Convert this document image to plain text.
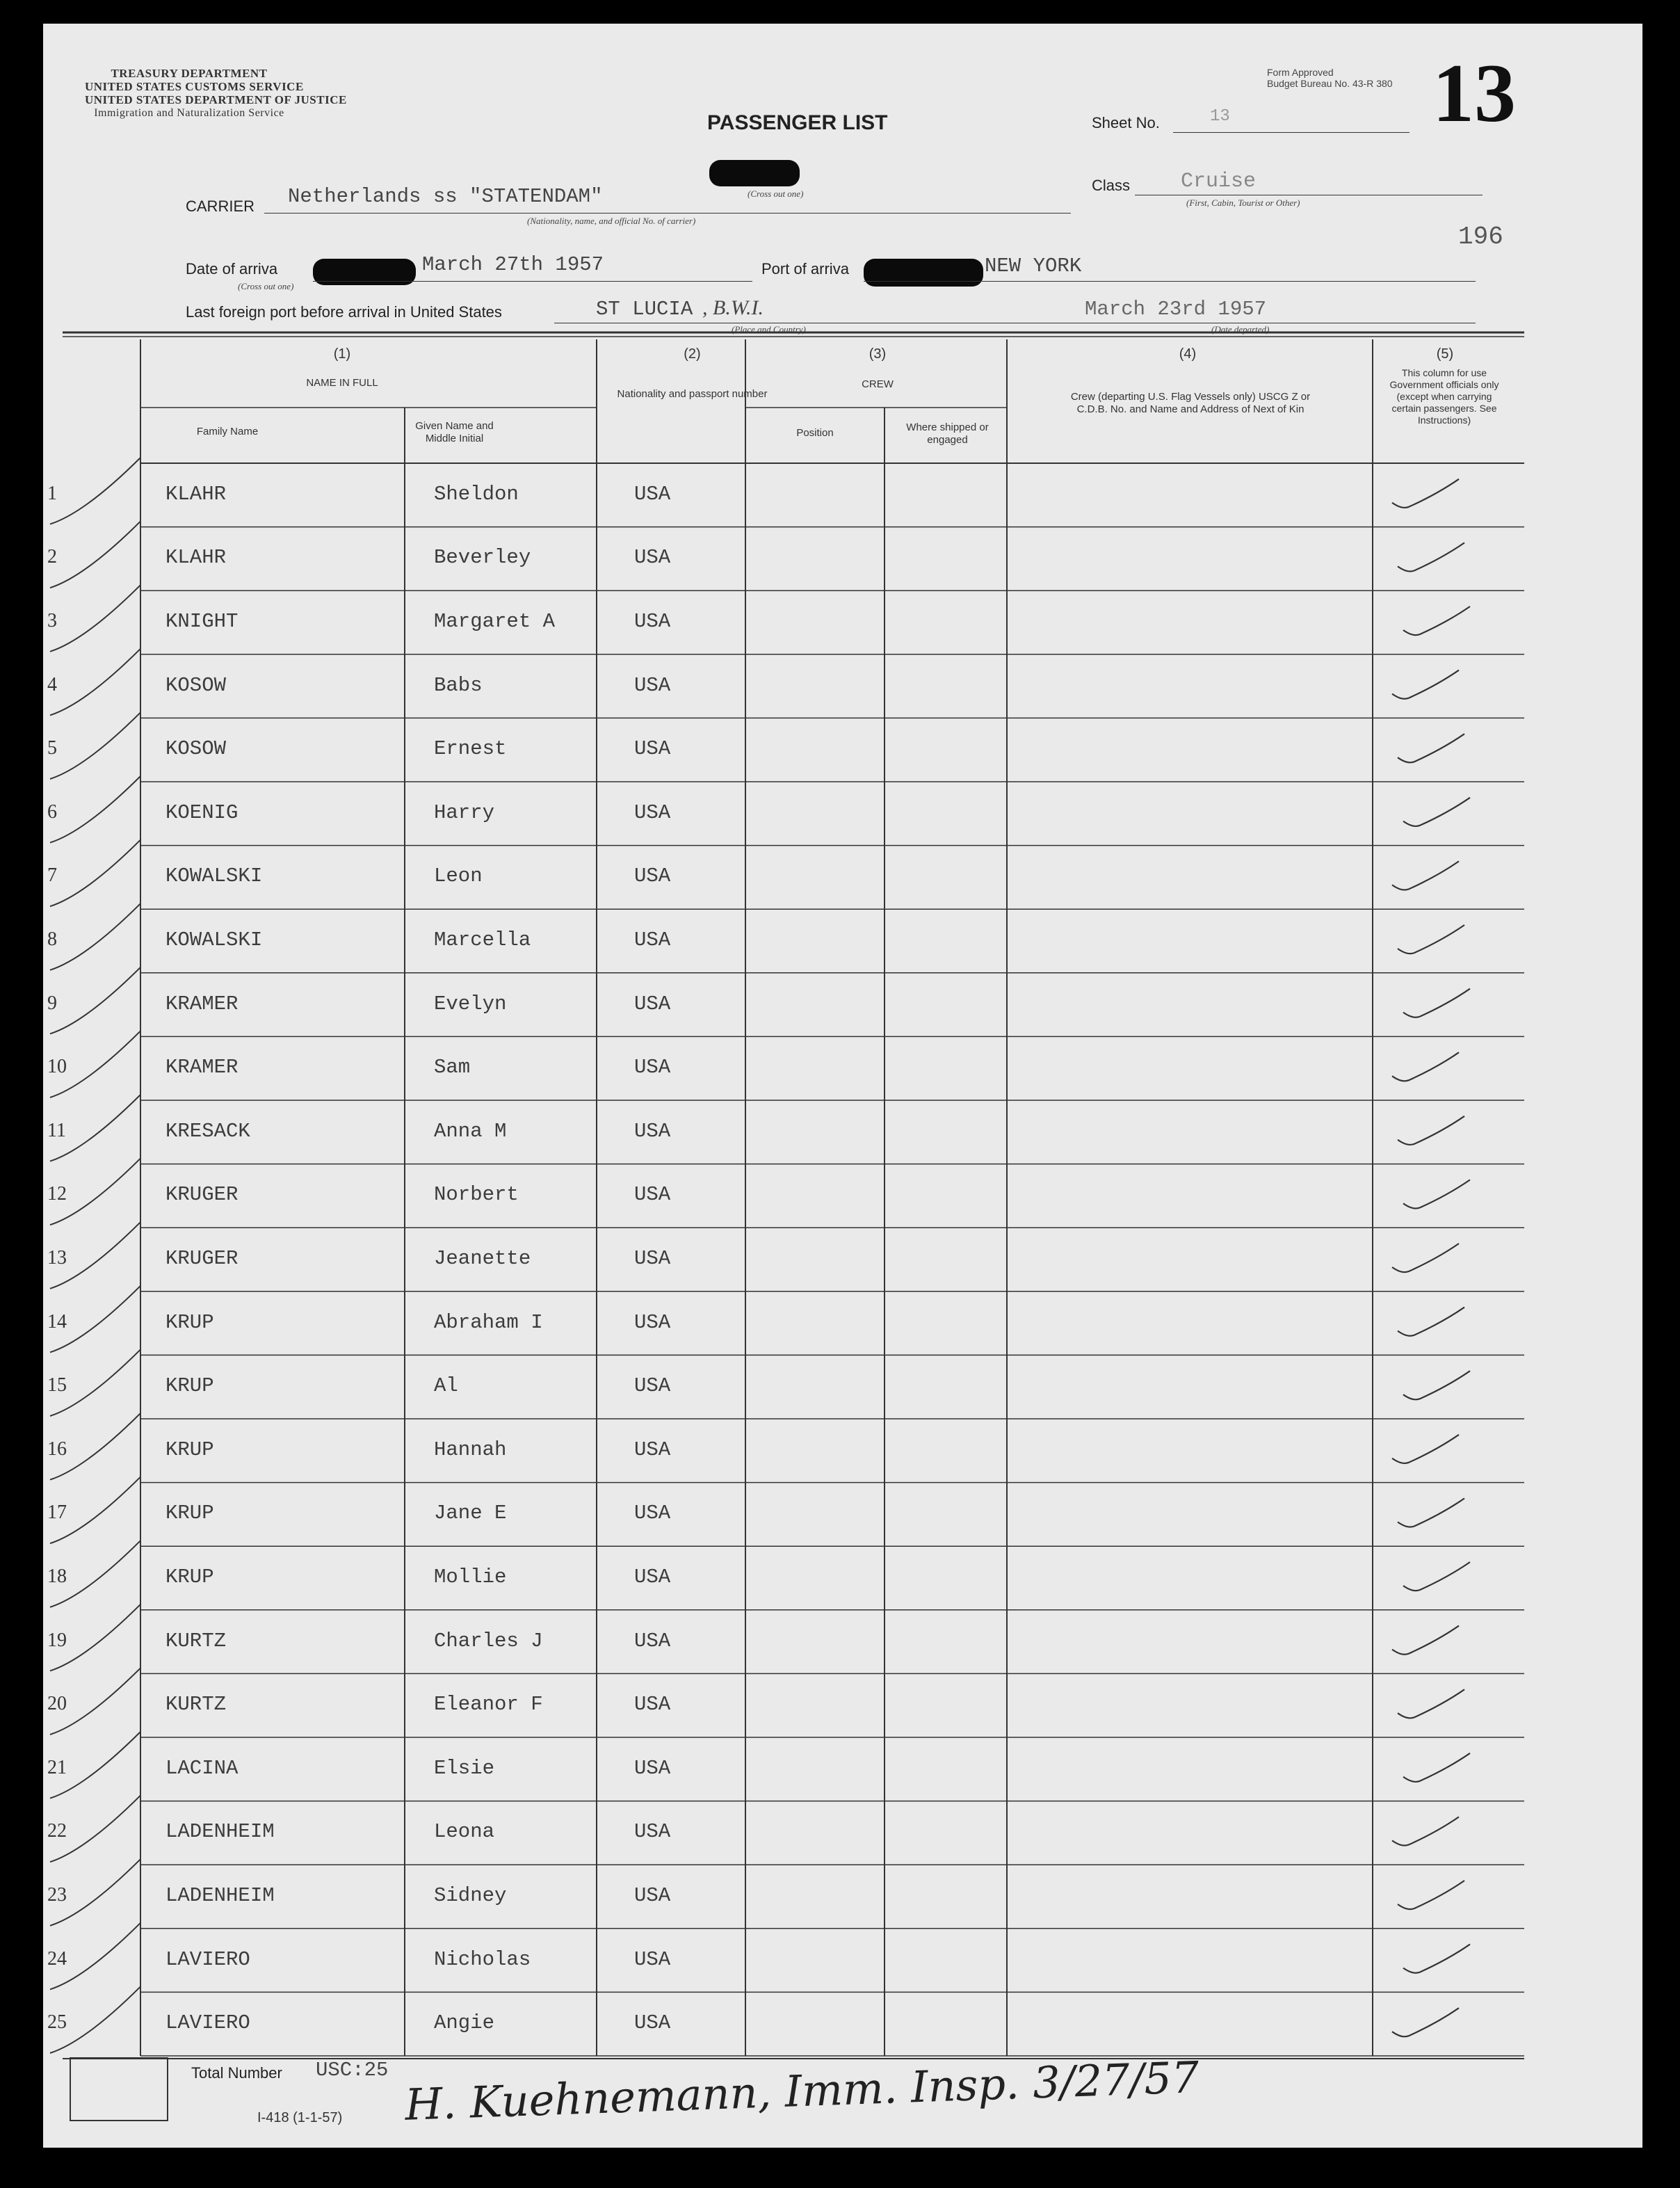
TREASURY DEPARTMENT
UNITED STATES CUSTOMS SERVICE
UNITED STATES DEPARTMENT OF JUSTICE
Immigration and Naturalization Service	PASSENGER LIST
(Cross out one)
Form Approved
Budget Bureau No. 43-R 380 13
Sheet No.	13
Class Cruise
(First, Cabin, Tourist or Other)
CARRIER Netherlands ss "STATENDAM"
(Nationality, name, and official No. of carrier)
196
Date of arriva
(Cross out one)
March 27th 1957	Port of arriva	NEW YORK
Last foreign port before arrival in United States	ST LUCIA , B.W.I.
(Place and Country)
March 23rd 1957
(Date departed)
(1)
NAME IN FULL
Family Name	Given Name and Middle Initial
(2)
Nationality and passport number
(3)
CREW
Position	Where shipped or engaged
(4)
Crew (departing U.S. Flag Vessels only) USCG Z or C.D.B. No. and Name and Address of Next of Kin
(5)
This column for use Government officials only (except when carrying certain passengers. See Instructions)
1	KLAHR	Sheldon	USA
2	KLAHR	Beverley	USA
3	KNIGHT	Margaret A	USA
4	KOSOW	Babs	USA
5	KOSOW	Ernest	USA
6	KOENIG	Harry	USA
7	KOWALSKI	Leon	USA
8	KOWALSKI	Marcella	USA
9	KRAMER	Evelyn	USA
10	KRAMER	Sam	USA
11	KRESACK	Anna M	USA
12	KRUGER	Norbert	USA
13	KRUGER	Jeanette	USA
14	KRUP	Abraham I	USA
15	KRUP	Al	USA
16	KRUP	Hannah	USA
17	KRUP	Jane E	USA
18	KRUP	Mollie	USA
19	KURTZ	Charles J	USA
20	KURTZ	Eleanor F	USA
21	LACINA	Elsie	USA
22	LADENHEIM	Leona	USA
23	LADENHEIM	Sidney	USA
24	LAVIERO	Nicholas	USA
25	LAVIERO	Angie	USA
Total Number USC:25
I-418 (1-1-57) H. Kuehnemann, Imm. Insp. 3/27/57
